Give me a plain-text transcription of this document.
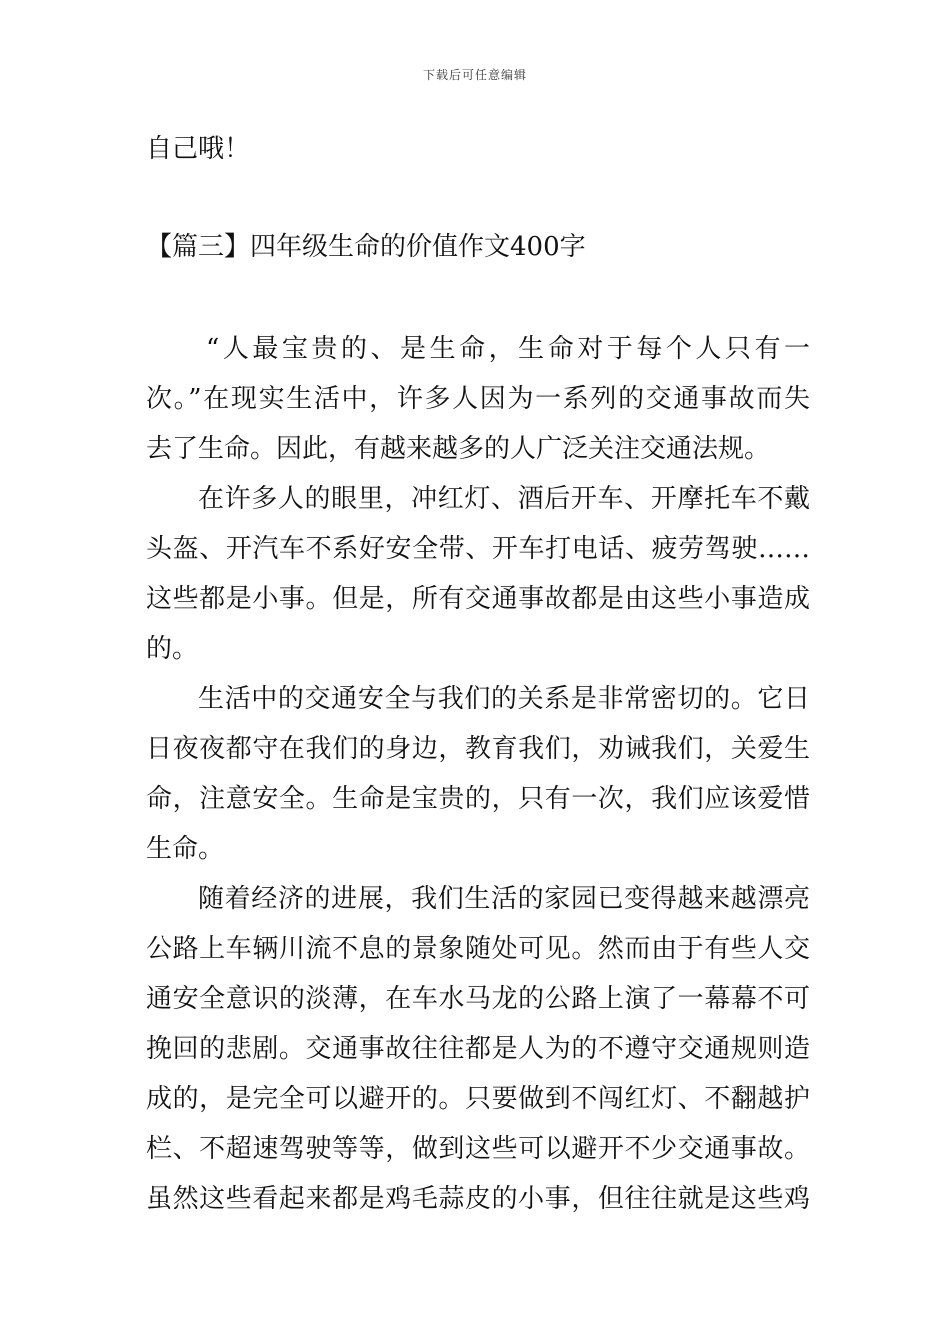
下载后可任意编辑
自己哦！
【篇三】四年级生命的价值作文400字
“人最宝贵的、是生命，生命对于每个人只有一
次。”在现实生活中，许多人因为一系列的交通事故而失
去了生命。因此，有越来越多的人广泛关注交通法规。
在许多人的眼里，冲红灯、酒后开车、开摩托车不戴
头盔、开汽车不系好安全带、开车打电话、疲劳驾驶……
这些都是小事。但是，所有交通事故都是由这些小事造成
的。
生活中的交通安全与我们的关系是非常密切的。它日
日夜夜都守在我们的身边，教育我们，劝诫我们，关爱生
命，注意安全。生命是宝贵的，只有一次，我们应该爱惜
生命。
随着经济的进展，我们生活的家园已变得越来越漂亮
公路上车辆川流不息的景象随处可见。然而由于有些人交
通安全意识的淡薄，在车水马龙的公路上演了一幕幕不可
挽回的悲剧。交通事故往往都是人为的不遵守交通规则造
成的，是完全可以避开的。只要做到不闯红灯、不翻越护
栏、不超速驾驶等等，做到这些可以避开不少交通事故。
虽然这些看起来都是鸡毛蒜皮的小事，但往往就是这些鸡
